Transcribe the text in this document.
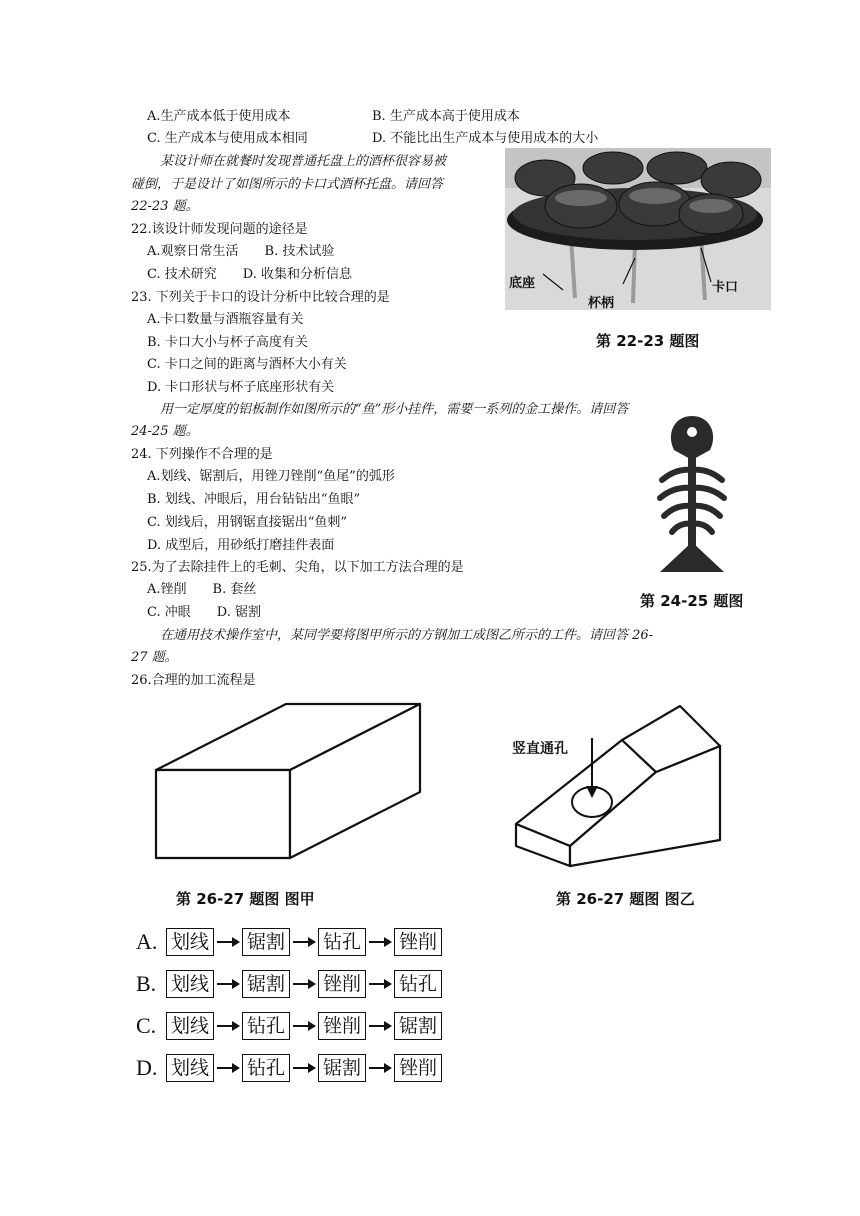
A.生产成本低于使用成本	B. 生产成本高于使用成本
C. 生产成本与使用成本相同	D. 不能比出生产成本与使用成本的大小
某设计师在就餐时发现普通托盘上的酒杯很容易被
碰倒，于是设计了如图所示的卡口式酒杯托盘。请回答
22-23 题。
22.该设计师发现问题的途径是
A.观察日常生活　　B. 技术试验
C. 技术研究　　D. 收集和分析信息
23. 下列关于卡口的设计分析中比较合理的是
A.卡口数量与酒瓶容量有关
B. 卡口大小与杯子高度有关
C. 卡口之间的距离与酒杯大小有关
D. 卡口形状与杯子底座形状有关
用一定厚度的铝板制作如图所示的“鱼”形小挂件，需要一系列的金工操作。请回答
24-25 题。
24. 下列操作不合理的是
A.划线、锯割后，用锉刀锉削“鱼尾”的弧形
B. 划线、冲眼后，用台钻钻出“鱼眼”
C. 划线后，用钢锯直接锯出“鱼刺”
D. 成型后，用砂纸打磨挂件表面
25.为了去除挂件上的毛刺、尖角，以下加工方法合理的是
A.锉削　　B. 套丝
C. 冲眼　　D. 锯割
在通用技术操作室中，某同学要将图甲所示的方钢加工成图乙所示的工件。请回答 26-
27 题。
26.合理的加工流程是
底座
杯柄
卡口
第 22-23 题图
第 24-25 题图
第 26-27 题图 图甲
竖直通孔
第 26-27 题图 图乙
A. 划线 锯割 钻孔 锉削
B. 划线 锯割 锉削 钻孔
C. 划线 钻孔 锉削 锯割
D. 划线 钻孔 锯割 锉削
